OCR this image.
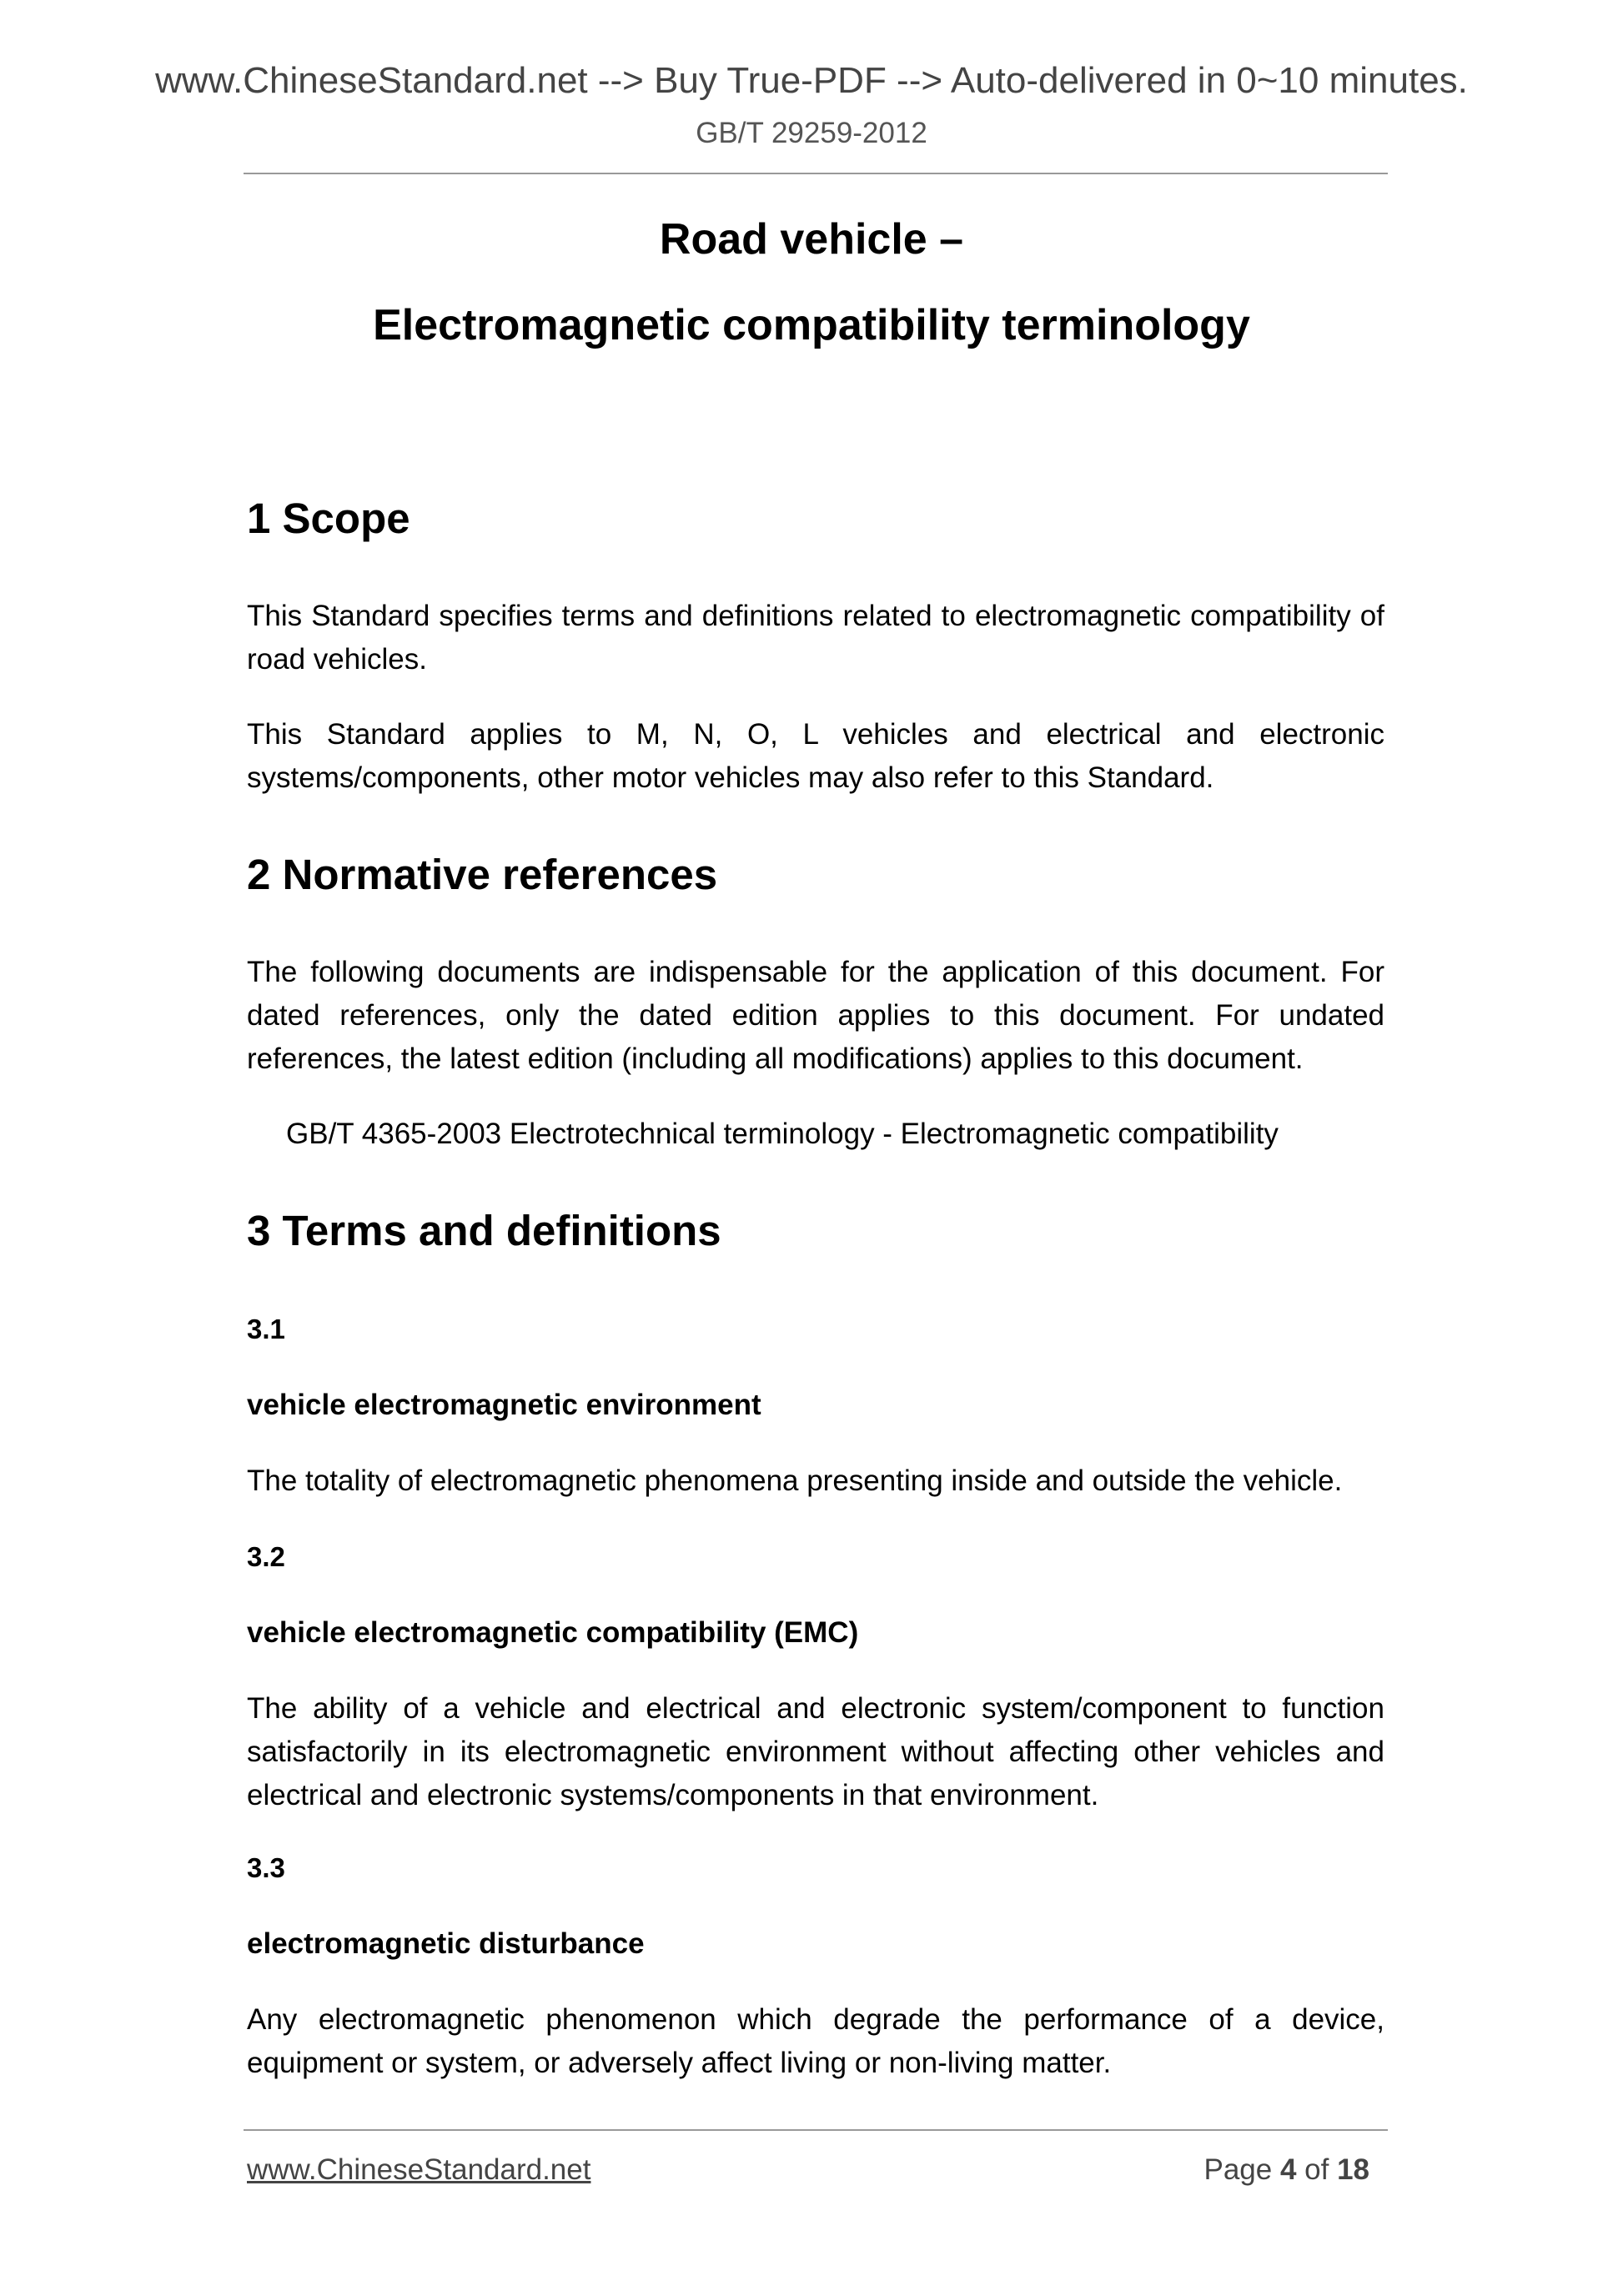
www.ChineseStandard.net --> Buy True-PDF --> Auto-delivered in 0~10 minutes.
GB/T 29259-2012
Road vehicle –
Electromagnetic compatibility terminology
1 Scope

This Standard specifies terms and definitions related to electromagnetic compatibility of road vehicles.

This Standard applies to M, N, O, L vehicles and electrical and electronic systems/components, other motor vehicles may also refer to this Standard.

2 Normative references

The following documents are indispensable for the application of this document. For dated references, only the dated edition applies to this document. For undated references, the latest edition (including all modifications) applies to this document.

GB/T 4365-2003 Electrotechnical terminology - Electromagnetic compatibility
3 Terms and definitions
3.1
vehicle electromagnetic environment

The totality of electromagnetic phenomena presenting inside and outside the vehicle.

3.2
vehicle electromagnetic compatibility (EMC)

The ability of a vehicle and electrical and electronic system/component to function satisfactorily in its electromagnetic environment without affecting other vehicles and electrical and electronic systems/components in that environment.

3.3
electromagnetic disturbance

Any electromagnetic phenomenon which degrade the performance of a device, equipment or system, or adversely affect living or non-living matter.

www.ChineseStandard.net	Page 4 of 18
